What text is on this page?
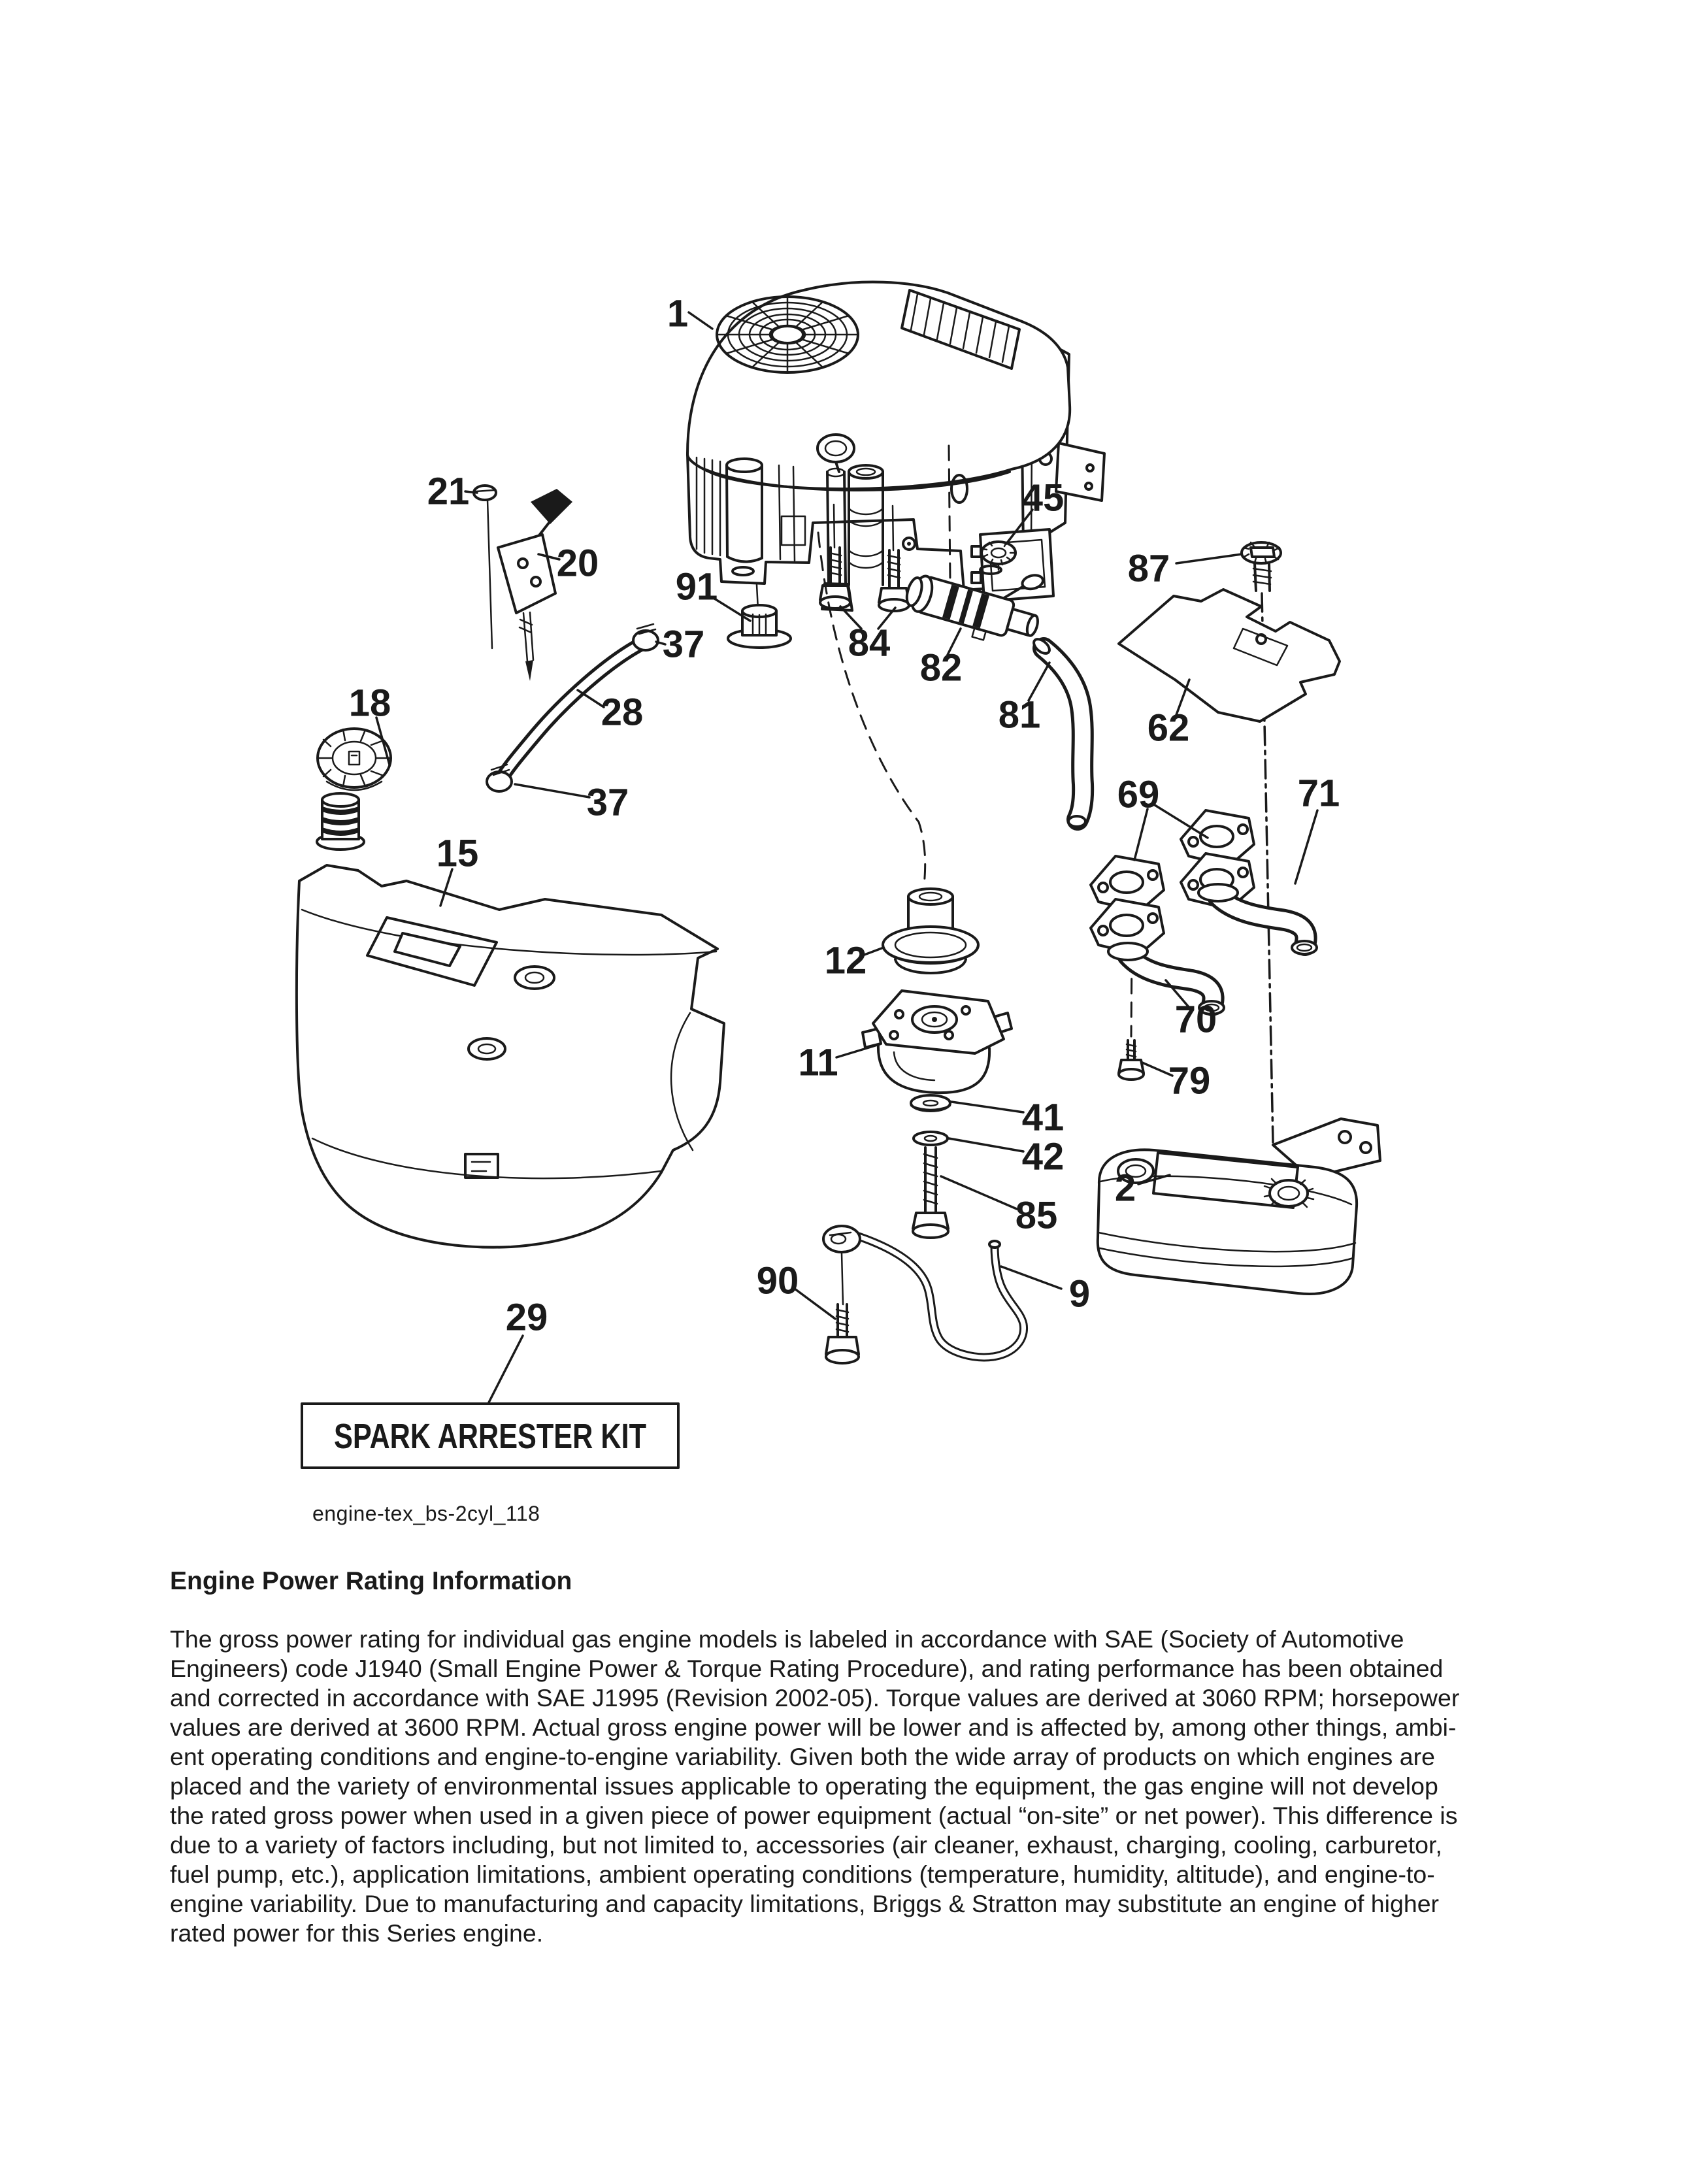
SPARK ARRESTER KIT
1
21
20
91
37
28
37
18
15
12
11
41
42
85
2
90	9
29
45
87
62
69	71
70
79
84
82
81
engine-tex_bs-2cyl_118
Engine Power Rating Information
The gross power rating for individual gas engine models is labeled in accordance with SAE (Society of Automotive
Engineers) code J1940 (Small Engine Power & Torque Rating Procedure), and rating performance has been obtained
and corrected in accordance with SAE J1995 (Revision 2002-05). Torque values are derived at 3060 RPM; horsepower
values are derived at 3600 RPM. Actual gross engine power will be lower and is affected by, among other things, ambi-
ent operating conditions and engine-to-engine variability. Given both the wide array of products on which engines are
placed and the variety of environmental issues applicable to operating the equipment, the gas engine will not develop
the rated gross power when used in a given piece of power equipment (actual “on-site” or net power). This difference is
due to a variety of factors including, but not limited to, accessories (air cleaner, exhaust, charging, cooling, carburetor,
fuel pump, etc.), application limitations, ambient operating conditions (temperature, humidity, altitude), and engine-to-
engine variability. Due to manufacturing and capacity limitations, Briggs & Stratton may substitute an engine of higher
rated power for this Series engine.
